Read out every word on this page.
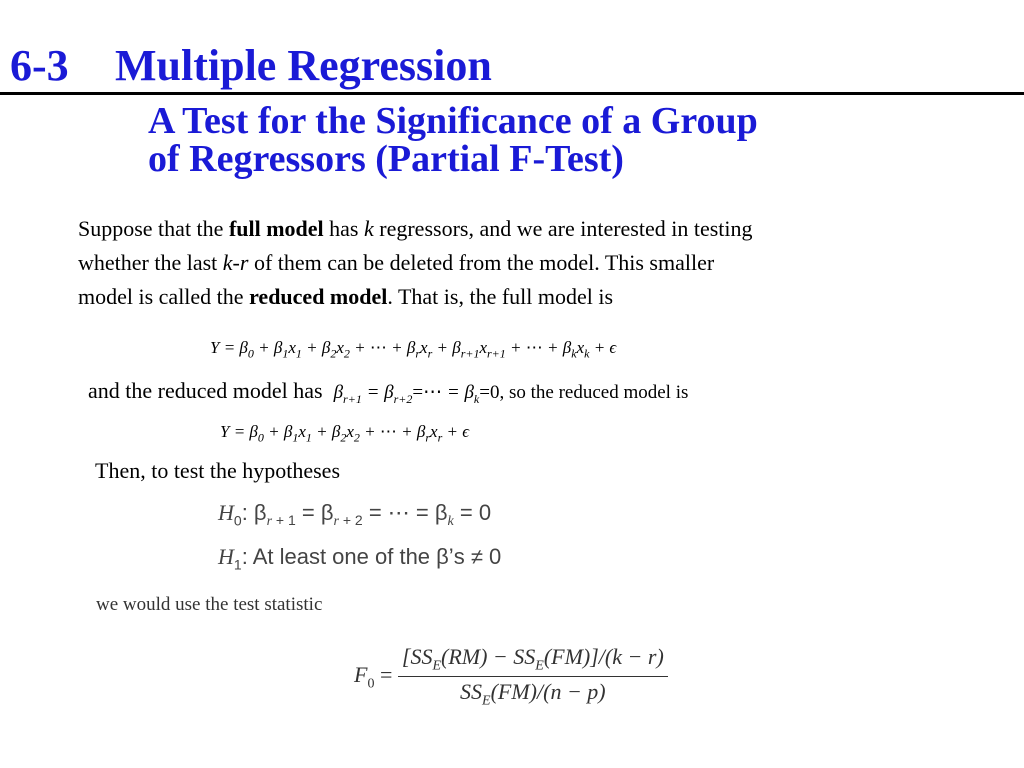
6-3 Multiple Regression
A Test for the Significance of a Group
of Regressors (Partial F-Test)
Suppose that the full model has k regressors, and we are interested in testing
whether the last k-r of them can be deleted from the model. This smaller
model is called the reduced model. That is, the full model is
$Y = \beta_0 + \beta_1x_1 + \beta_2x_2$ + ⋯ + $\beta_rx_r + \beta_{r+1}x_{r+1}$ + ⋯ + $\beta_kx_k + \epsilon$
and the reduced model has $\beta_{r+1}$ = $\beta_{r+2}=\cdots = \beta_k=0$, so the reduced model is
$Y = \beta_0 + \beta_1x_1 + \beta_2x_2$ + ⋯ + $\beta_rx_r + \epsilon$
Then, to test the hypotheses
$H_0$: $\beta_{r + 1} = \beta_{r + 2}$ = ⋯ = $\beta_k = 0$
$H_1$: At least one of the β’s ≠ 0
we would use the test statistic
$F_0 = \frac{[SS_E(RM) - SS_E(FM)]/(k - r)}{SS_E(FM)/(n - p)}$
